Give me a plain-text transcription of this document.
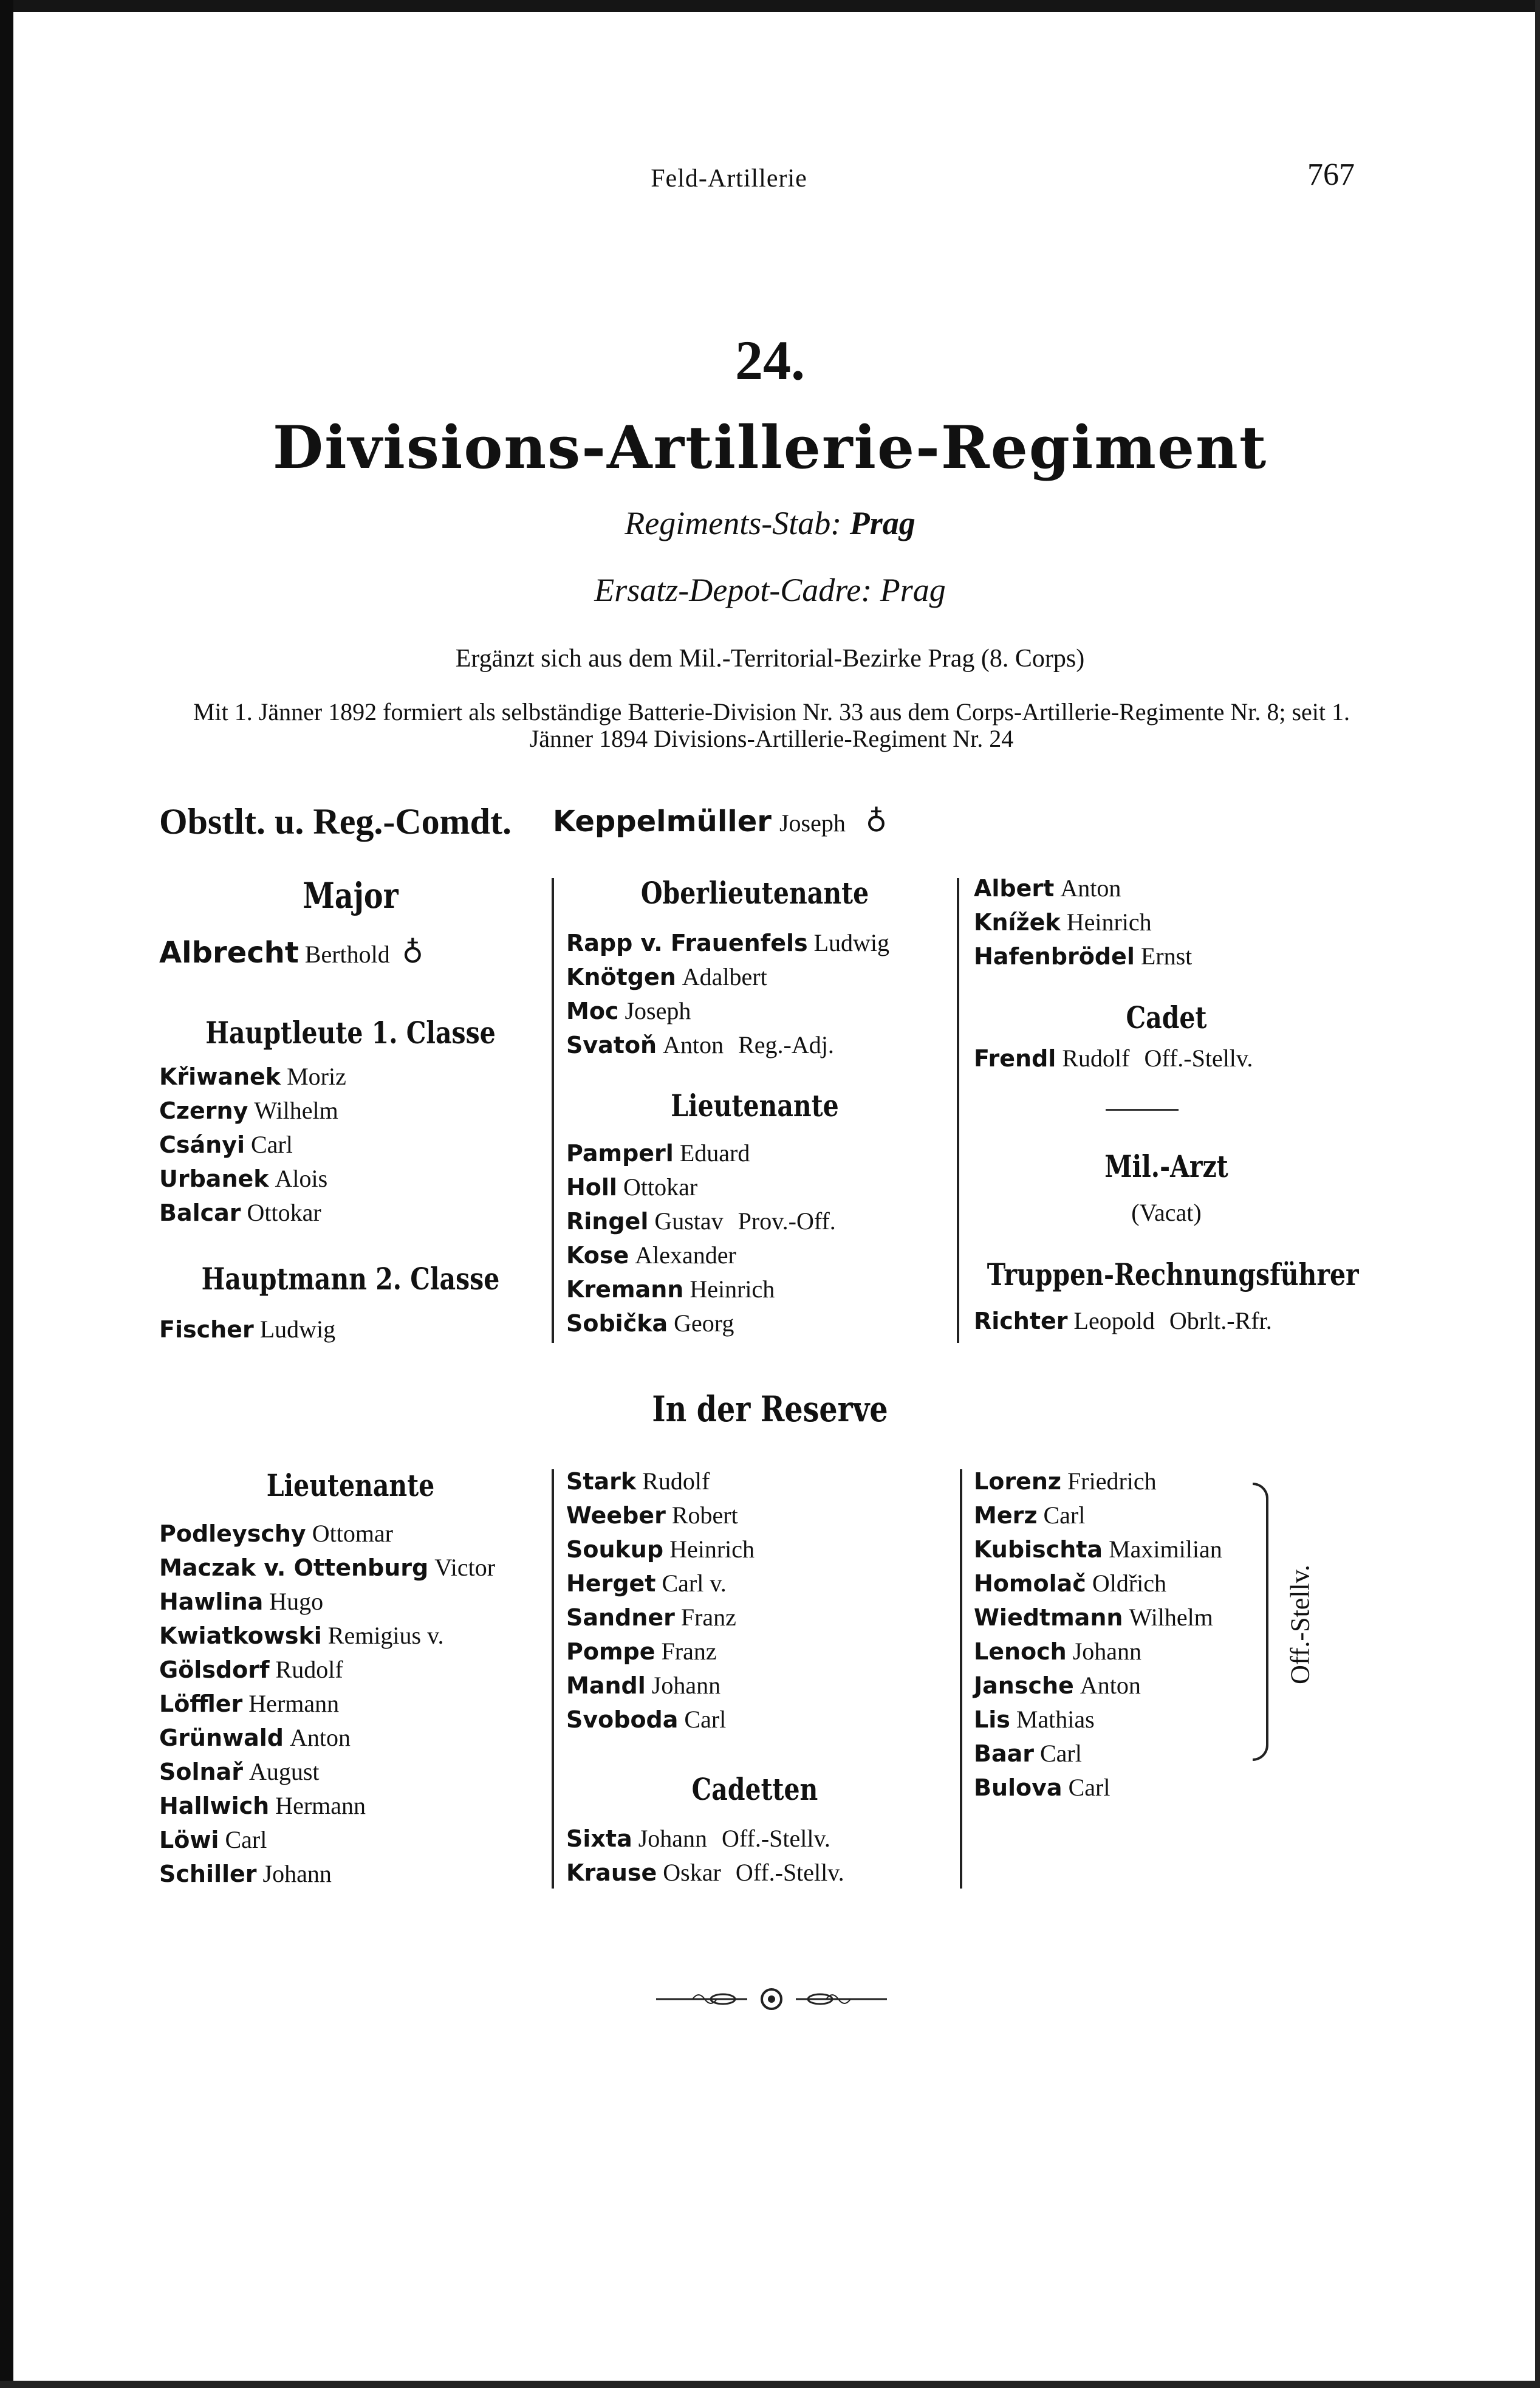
Feld-Artillerie	767
24.
Divisions-Artillerie-Regiment
Regiments-Stab: Prag
Ersatz-Depot-Cadre: Prag
Ergänzt sich aus dem Mil.-Territorial-Bezirke Prag (8. Corps)
Mit 1. Jänner 1892 formiert als selbständige Batterie-Division Nr. 33 aus dem Corps-Artillerie-Regimente Nr. 8; seit 1. Jänner 1894 Divisions-Artillerie-Regiment Nr. 24
Obstlt. u. Reg.-Comdt. Keppelmüller Joseph ♁
Major
Albrecht Berthold ♁
Hauptleute 1. Classe
Křiwanek Moriz
Czerny Wilhelm
Csányi Carl
Urbanek Alois
Balcar Ottokar
Hauptmann 2. Classe
Fischer Ludwig
Oberlieutenante
Rapp v. Frauenfels Ludwig
Knötgen Adalbert
Moc Joseph
Svatoň Anton Reg.-Adj.
Lieutenante
Pamperl Eduard
Holl Ottokar
Ringel Gustav Prov.-Off.
Kose Alexander
Kremann Heinrich
Sobička Georg
Albert Anton
Knížek Heinrich
Hafenbrödel Ernst
Cadet
Frendl Rudolf Off.-Stellv.
Mil.-Arzt
(Vacat)
Truppen-Rechnungsführer
Richter Leopold Obrlt.-Rfr.
In der Reserve
Lieutenante
Podleyschy Ottomar
Maczak v. Ottenburg Victor
Hawlina Hugo
Kwiatkowski Remigius v.
Gölsdorf Rudolf
Löffler Hermann
Grünwald Anton
Solnař August
Hallwich Hermann
Löwi Carl
Schiller Johann
Stark Rudolf
Weeber Robert
Soukup Heinrich
Herget Carl v.
Sandner Franz
Pompe Franz
Mandl Johann
Svoboda Carl
Cadetten
Sixta Johann Off.-Stellv.
Krause Oskar Off.-Stellv.
Lorenz Friedrich
Merz Carl
Kubischta Maximilian
Homolač Oldřich
Wiedtmann Wilhelm
Lenoch Johann
Jansche Anton
Lis Mathias
Baar Carl
Bulova Carl
Off.-Stellv.
